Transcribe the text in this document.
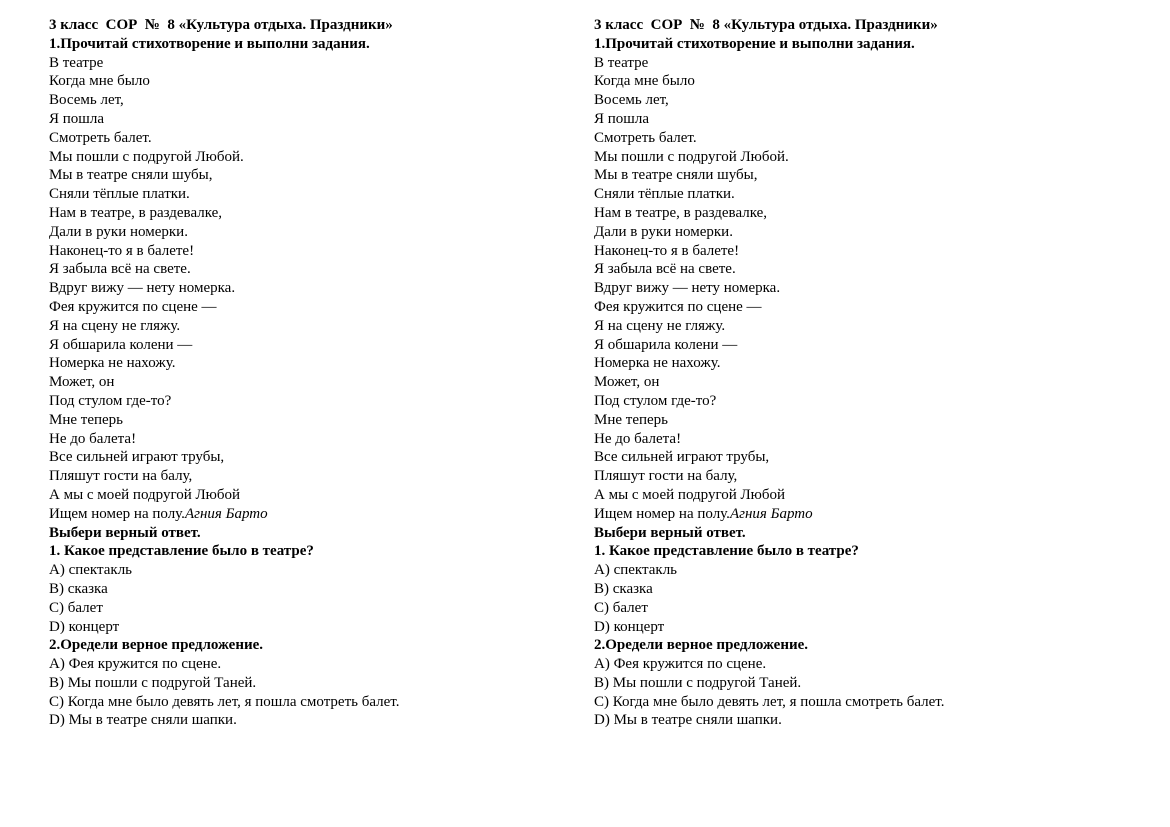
3 класс  СОР  №  8 «Культура отдыха. Праздники»
1.Прочитай стихотворение и выполни задания.
В театре
Когда мне было
Восемь лет,
Я пошла
Смотреть балет.
Мы пошли с подругой Любой.
Мы в театре сняли шубы,
Сняли тёплые платки.
Нам в театре, в раздевалке,
Дали в руки номерки.
Наконец-то я в балете!
Я забыла всё на свете.
Вдруг вижу — нету номерка.
Фея кружится по сцене —
Я на сцену не гляжу.
Я обшарила колени —
Номерка не нахожу.
Может, он
Под стулом где-то?
Мне теперь
Не до балета!
Все сильней играют трубы,
Пляшут гости на балу,
А мы с моей подругой Любой
Ищем номер на полу.Агния Барто
Выбери верный ответ.
1. Какое представление было в театре?
А) спектакль
В) сказка
С) балет
D) концерт
2.Оредели верное предложение.
А) Фея кружится по сцене.
В) Мы пошли с подругой Таней.
С) Когда мне было девять лет, я пошла смотреть балет.
D) Мы в театре сняли шапки.
3 класс  СОР  №  8 «Культура отдыха. Праздники»
1.Прочитай стихотворение и выполни задания.
В театре
Когда мне было
Восемь лет,
Я пошла
Смотреть балет.
Мы пошли с подругой Любой.
Мы в театре сняли шубы,
Сняли тёплые платки.
Нам в театре, в раздевалке,
Дали в руки номерки.
Наконец-то я в балете!
Я забыла всё на свете.
Вдруг вижу — нету номерка.
Фея кружится по сцене —
Я на сцену не гляжу.
Я обшарила колени —
Номерка не нахожу.
Может, он
Под стулом где-то?
Мне теперь
Не до балета!
Все сильней играют трубы,
Пляшут гости на балу,
А мы с моей подругой Любой
Ищем номер на полу.Агния Барто
Выбери верный ответ.
1. Какое представление было в театре?
А) спектакль
В) сказка
С) балет
D) концерт
2.Оредели верное предложение.
А) Фея кружится по сцене.
В) Мы пошли с подругой Таней.
С) Когда мне было девять лет, я пошла смотреть балет.
D) Мы в театре сняли шапки.
